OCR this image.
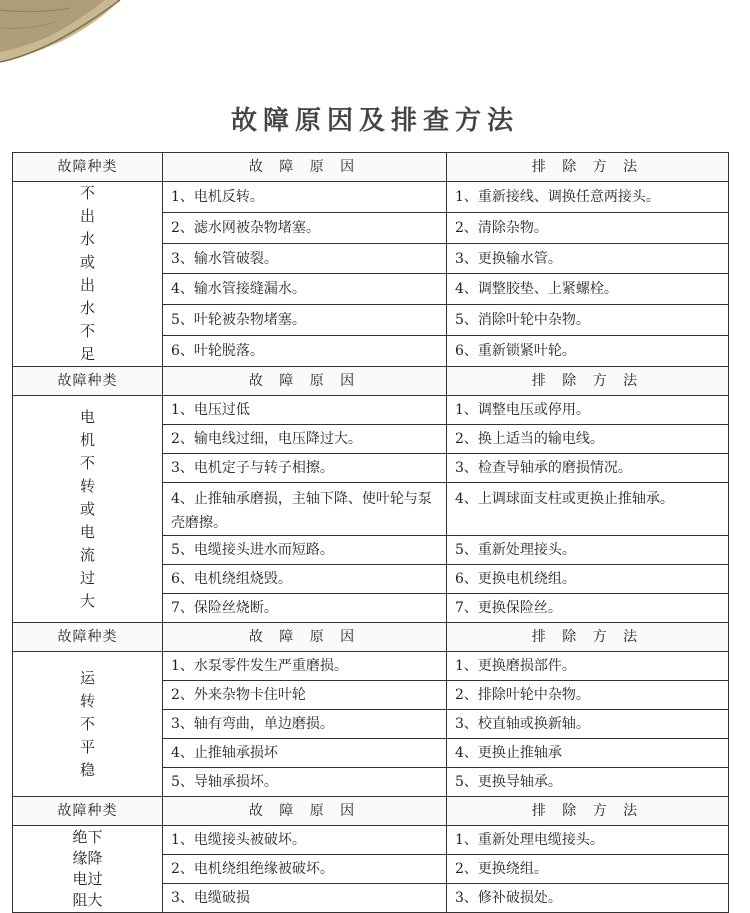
故障原因及排查方法
故障种类	故 障 原 因	排 除 方 法
不出水或出水不足	1、电机反转。	1、重新接线、调换任意两接头。
	2、滤水网被杂物堵塞。	2、清除杂物。
	3、输水管破裂。	3、更换输水管。
	4、输水管接缝漏水。	4、调整胶垫、上紧螺栓。
	5、叶轮被杂物堵塞。	5、消除叶轮中杂物。
	6、叶轮脱落。	6、重新锁紧叶轮。
故障种类	故 障 原 因	排 除 方 法
电机不转或电流过大	1、电压过低	1、调整电压或停用。
	2、输电线过细，电压降过大。	2、换上适当的输电线。
	3、电机定子与转子相擦。	3、检查导轴承的磨损情况。
	4、止推轴承磨损，主轴下降、使叶轮与泵壳磨擦。	4、上调球面支柱或更换止推轴承。
	5、电缆接头进水而短路。	5、重新处理接头。
	6、电机绕组烧毁。	6、更换电机绕组。
	7、保险丝烧断。	7、更换保险丝。
故障种类	故 障 原 因	排 除 方 法
运转不平稳	1、水泵零件发生严重磨损。	1、更换磨损部件。
	2、外来杂物卡住叶轮	2、排除叶轮中杂物。
	3、轴有弯曲，单边磨损。	3、校直轴或换新轴。
	4、止推轴承损坏	4、更换止推轴承
	5、导轴承损坏。	5、更换导轴承。
故障种类	故 障 原 因	排 除 方 法
绝下缘降电过阻大	1、电缆接头被破坏。	1、重新处理电缆接头。
	2、电机绕组绝缘被破坏。	2、更换绕组。
	3、电缆破损	3、修补破损处。
